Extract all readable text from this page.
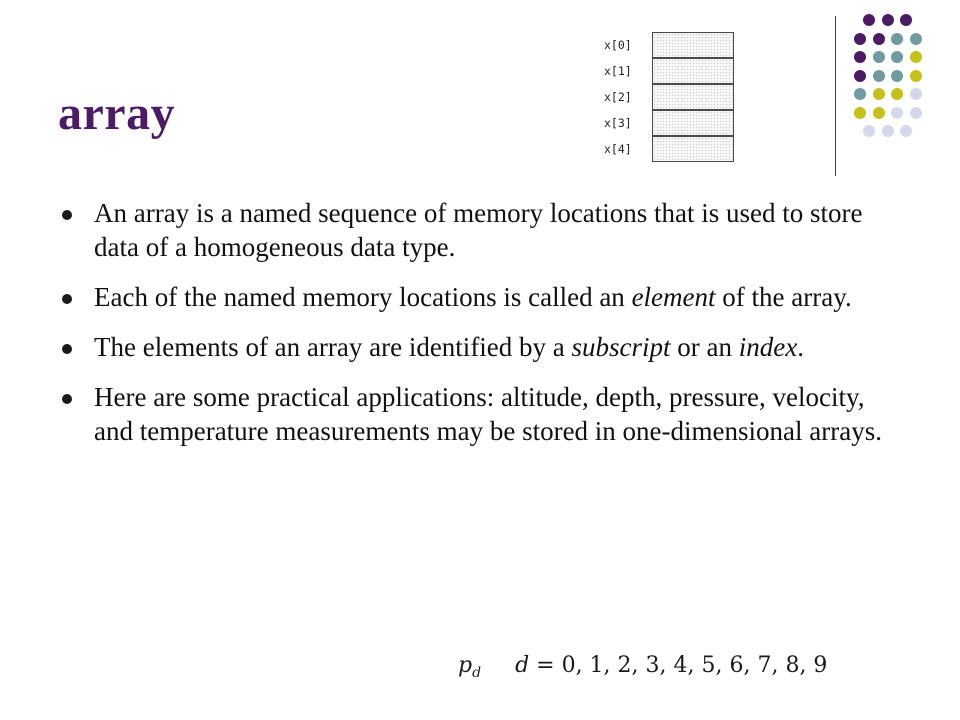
array
x[0]
x[1]
x[2]
x[3]
x[4]
An array is a named sequence of memory locations that is used to store data of a homogeneous data type.
Each of the named memory locations is called an element of the array.
The elements of an array are identified by a subscript or an index.
Here are some practical applications: altitude, depth, pressure, velocity, and temperature measurements may be stored in one-dimensional arrays.
$p_d$ d = 0, 1, 2, 3, 4, 5, 6, 7, 8, 9
